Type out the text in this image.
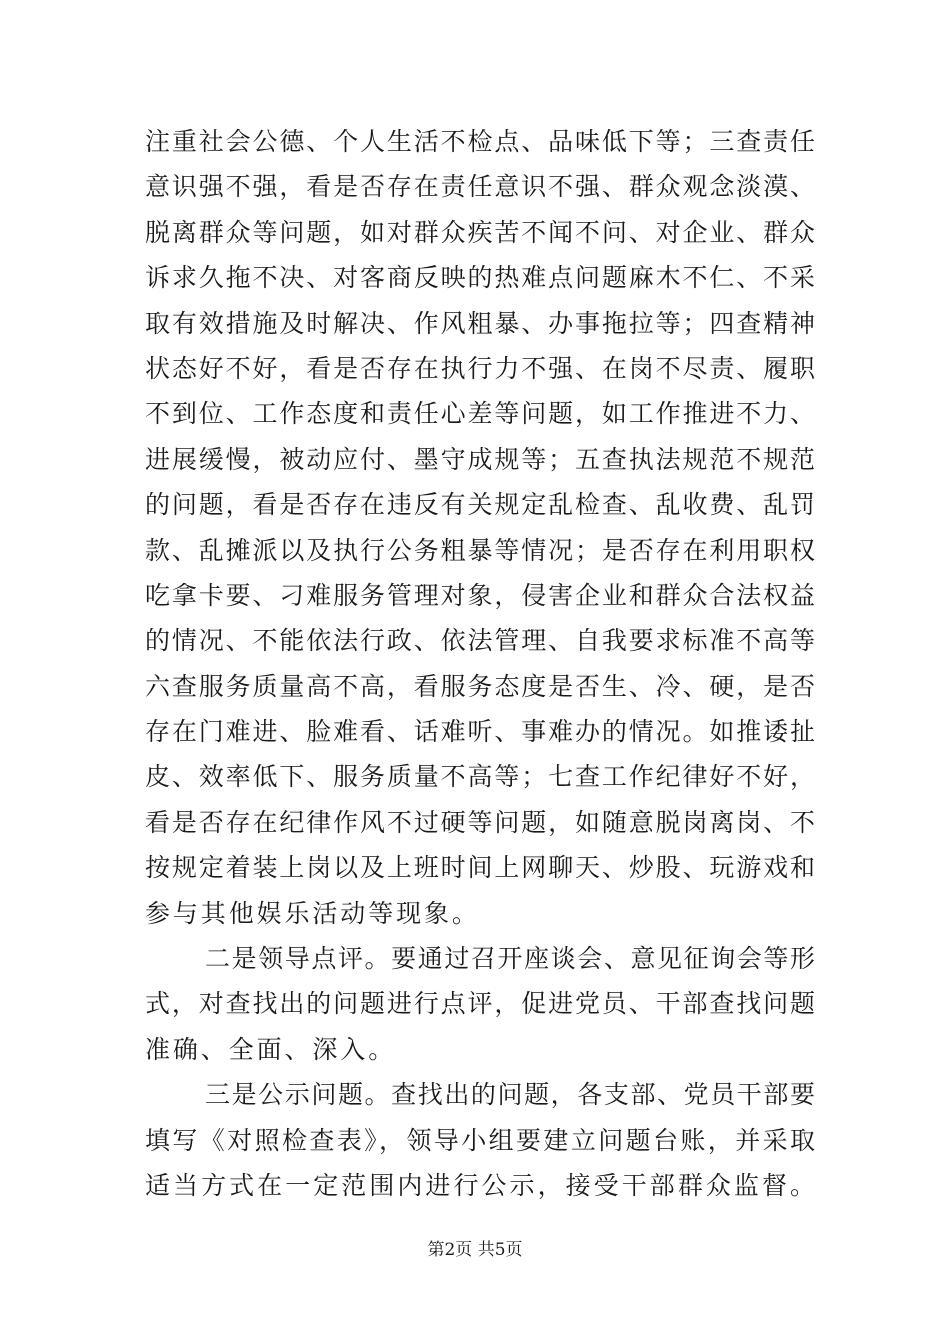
注重社会公德、个人生活不检点、品味低下等；三查责任
意识强不强，看是否存在责任意识不强、群众观念淡漠、
脱离群众等问题，如对群众疾苦不闻不问、对企业、群众
诉求久拖不决、对客商反映的热难点问题麻木不仁、不采
取有效措施及时解决、作风粗暴、办事拖拉等；四查精神
状态好不好，看是否存在执行力不强、在岗不尽责、履职
不到位、工作态度和责任心差等问题，如工作推进不力、
进展缓慢，被动应付、墨守成规等；五查执法规范不规范
的问题，看是否存在违反有关规定乱检查、乱收费、乱罚
款、乱摊派以及执行公务粗暴等情况；是否存在利用职权
吃拿卡要、刁难服务管理对象，侵害企业和群众合法权益
的情况、不能依法行政、依法管理、自我要求标准不高等
六查服务质量高不高，看服务态度是否生、冷、硬，是否
存在门难进、脸难看、话难听、事难办的情况。如推诿扯
皮、效率低下、服务质量不高等；七查工作纪律好不好，
看是否存在纪律作风不过硬等问题，如随意脱岗离岗、不
按规定着装上岗以及上班时间上网聊天、炒股、玩游戏和
参与其他娱乐活动等现象。
二是领导点评。要通过召开座谈会、意见征询会等形
式，对查找出的问题进行点评，促进党员、干部查找问题
准确、全面、深入。
三是公示问题。查找出的问题，各支部、党员干部要
填写《对照检查表》，领导小组要建立问题台账，并采取
适当方式在一定范围内进行公示，接受干部群众监督。
第2页 共5页
